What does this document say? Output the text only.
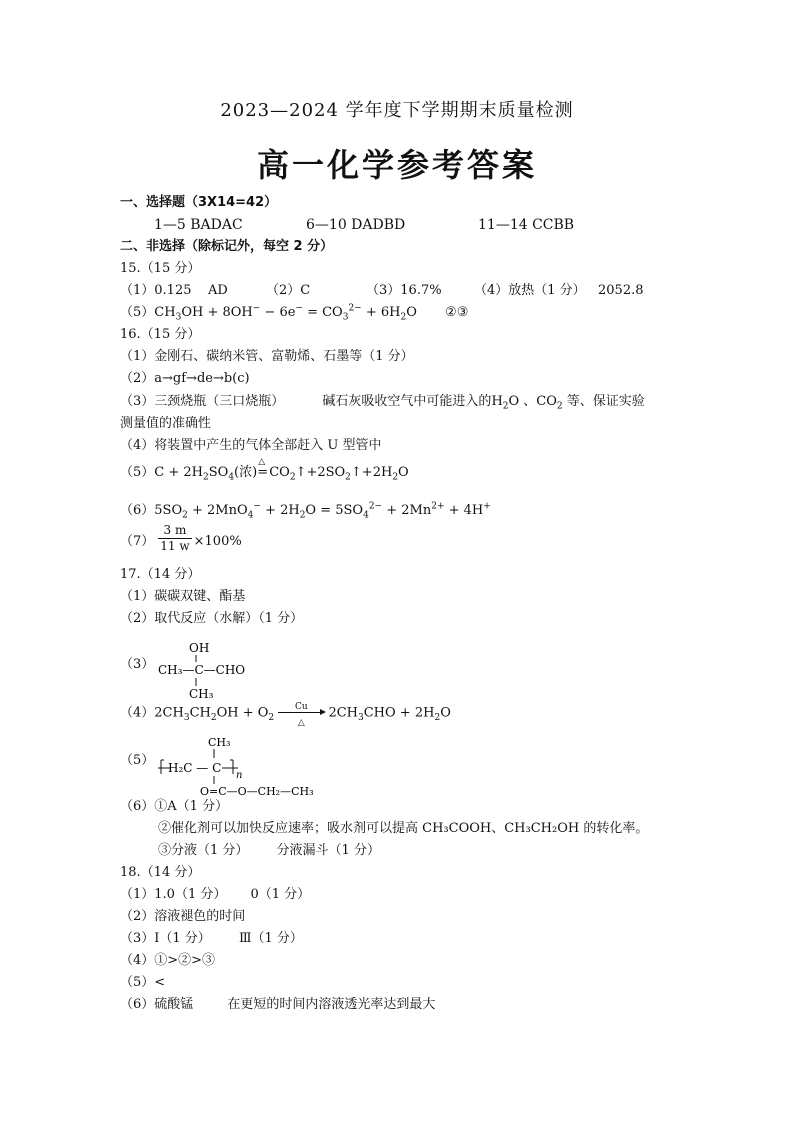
2023—2024 学年度下学期期末质量检测
高一化学参考答案
一、选择题（3X14=42）
1—5 BADAC	6—10 DADBD	11—14 CCBB
二、非选择（除标记外，每空 2 分）
15.（15 分）
（1）0.125 AD	（2）C	（3）16.7% （4）放热（1 分） 2052.8
$(5)CH_3OH + 8OH^- - 6e^- = CO_3^{2-} + 6H_2O$ ②③
16.（15 分）
（1）金刚石、碳纳米管、富勒烯、石墨等（1 分）
（2）a→gf→de→b(c)
（3）三颈烧瓶（三口烧瓶）	碱石灰吸收空气中可能进入的$H_2O$ 、$CO_2$ 等、保证实验
测量值的准确性
（4）将装置中产生的气体全部赶入 U 型管中
$(5)C + 2H_2SO_4$(浓)
△
$=CO_2↑+2SO_2↑+2H_2O$
$(6)5SO_2 + 2MnO_4^- + 2H_2O = 5SO_4^{2-} + 2Mn^{2+} + 4H^+$
$(7) \frac{3 m}{11 w} \times 100\%$
17.（14 分）
（1）碳碳双键、酯基
（2）取代反应（水解）（1 分）
（3）
OH
CH₃—C—CHO
CH₃
$(4)2CH_3CH_2OH + O_2$
Cu
△
$2CH_3CHO + 2H_2O$
（5）
CH₃
H₂C — C
n
O=C—O—CH₂—CH₃
（6）①A（1 分）
②催化剂可以加快反应速率；吸水剂可以提高 CH₃COOH、CH₃CH₂OH 的转化率。
③分液（1 分） 分液漏斗（1 分）
18.（14 分）
（1）1.0（1 分） 0（1 分）
（2）溶液褪色的时间
（3）Ⅰ（1 分） Ⅲ（1 分）
（4）①>②>③
（5）<
（6）硫酸锰	在更短的时间内溶液透光率达到最大
